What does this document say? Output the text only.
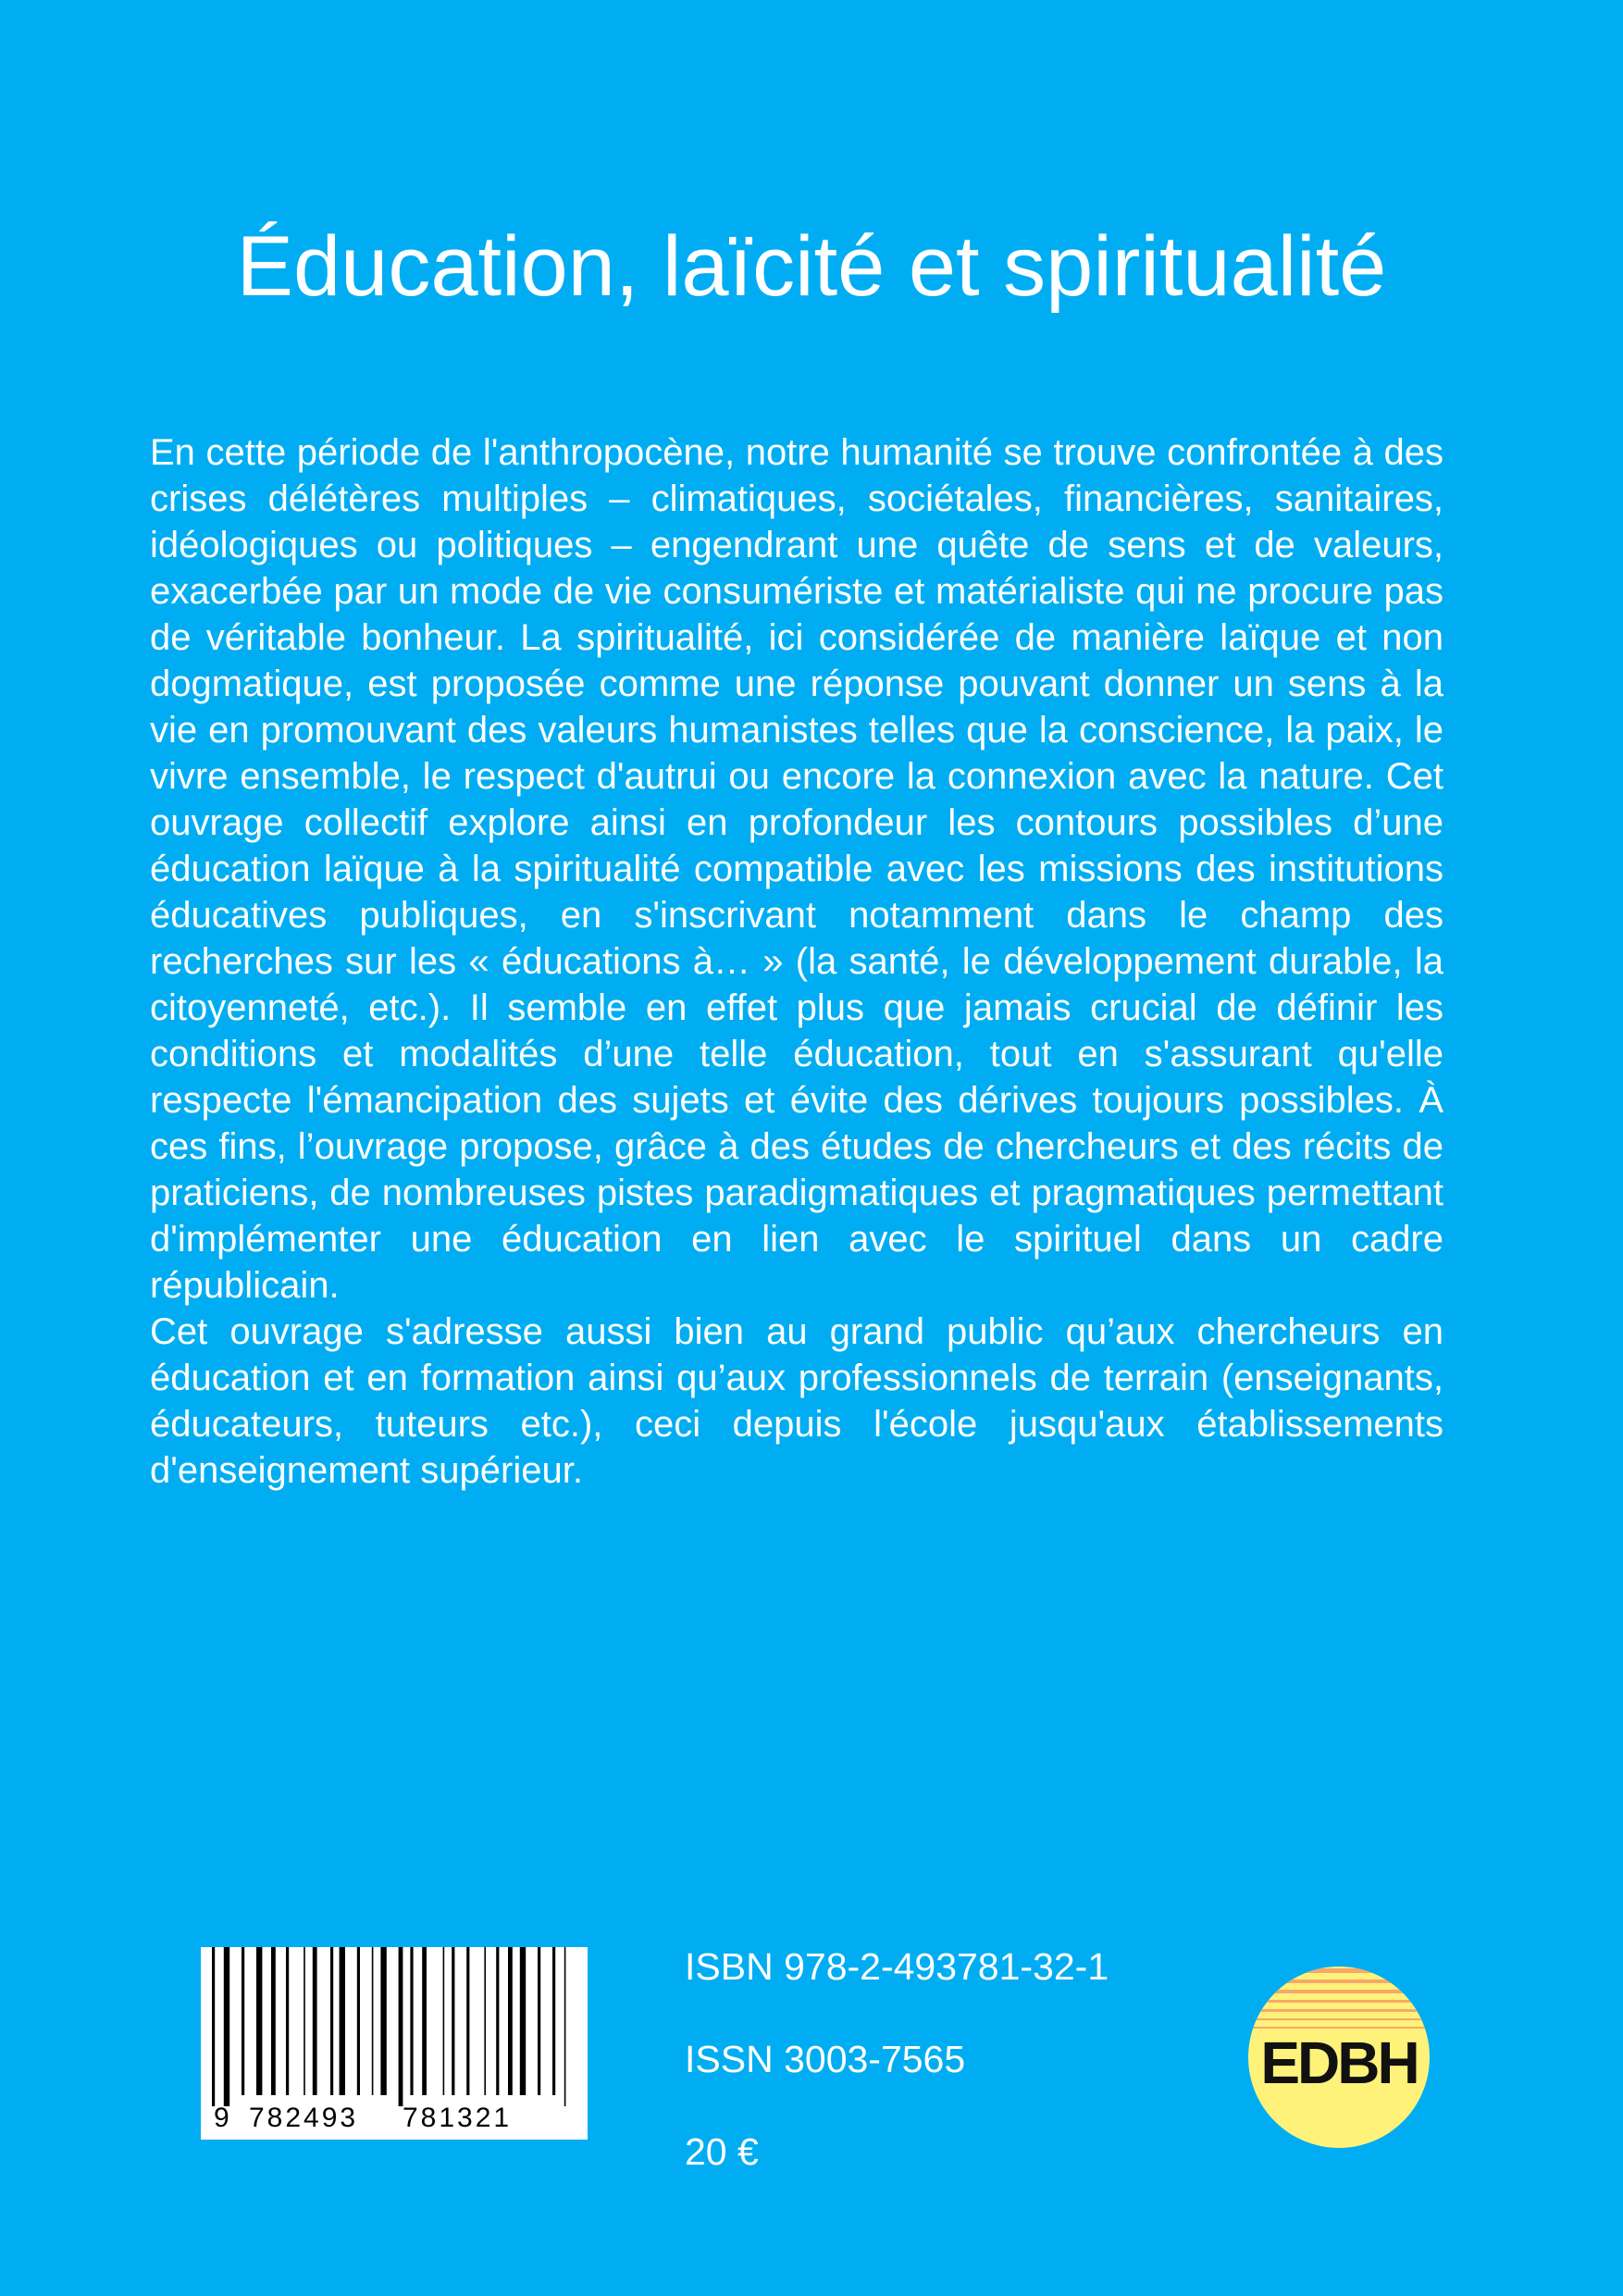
Éducation, laïcité et spiritualité

En cette période de l'anthropocène, notre humanité se trouve confrontée à des crises délétères multiples – climatiques, sociétales, financières, sanitaires, idéologiques ou politiques – engendrant une quête de sens et de valeurs, exacerbée par un mode de vie consumériste et matérialiste qui ne procure pas de véritable bonheur. La spiritualité, ici considérée de manière laïque et non dogmatique, est proposée comme une réponse pouvant donner un sens à la vie en promouvant des valeurs humanistes telles que la conscience, la paix, le vivre ensemble, le respect d'autrui ou encore la connexion avec la nature. Cet ouvrage collectif explore ainsi en profondeur les contours possibles d’une éducation laïque à la spiritualité compatible avec les missions des institutions éducatives publiques, en s'inscrivant notamment dans le champ des recherches sur les « éducations à… » (la santé, le développement durable, la citoyenneté, etc.). Il semble en effet plus que jamais crucial de définir les conditions et modalités d’une telle éducation, tout en s'assurant qu'elle respecte l'émancipation des sujets et évite des dérives toujours possibles. À ces fins, l’ouvrage propose, grâce à des études de chercheurs et des récits de praticiens, de nombreuses pistes paradigmatiques et pragmatiques permettant d'implémenter une éducation en lien avec le spirituel dans un cadre républicain.

Cet ouvrage s'adresse aussi bien au grand public qu’aux chercheurs en éducation et en formation ainsi qu’aux professionnels de terrain (enseignants, éducateurs, tuteurs etc.), ceci depuis l'école jusqu'aux établissements d'enseignement supérieur.

9 782493 781321
ISBN 978-2-493781-32-1
ISSN 3003-7565
20 €
EDBH
